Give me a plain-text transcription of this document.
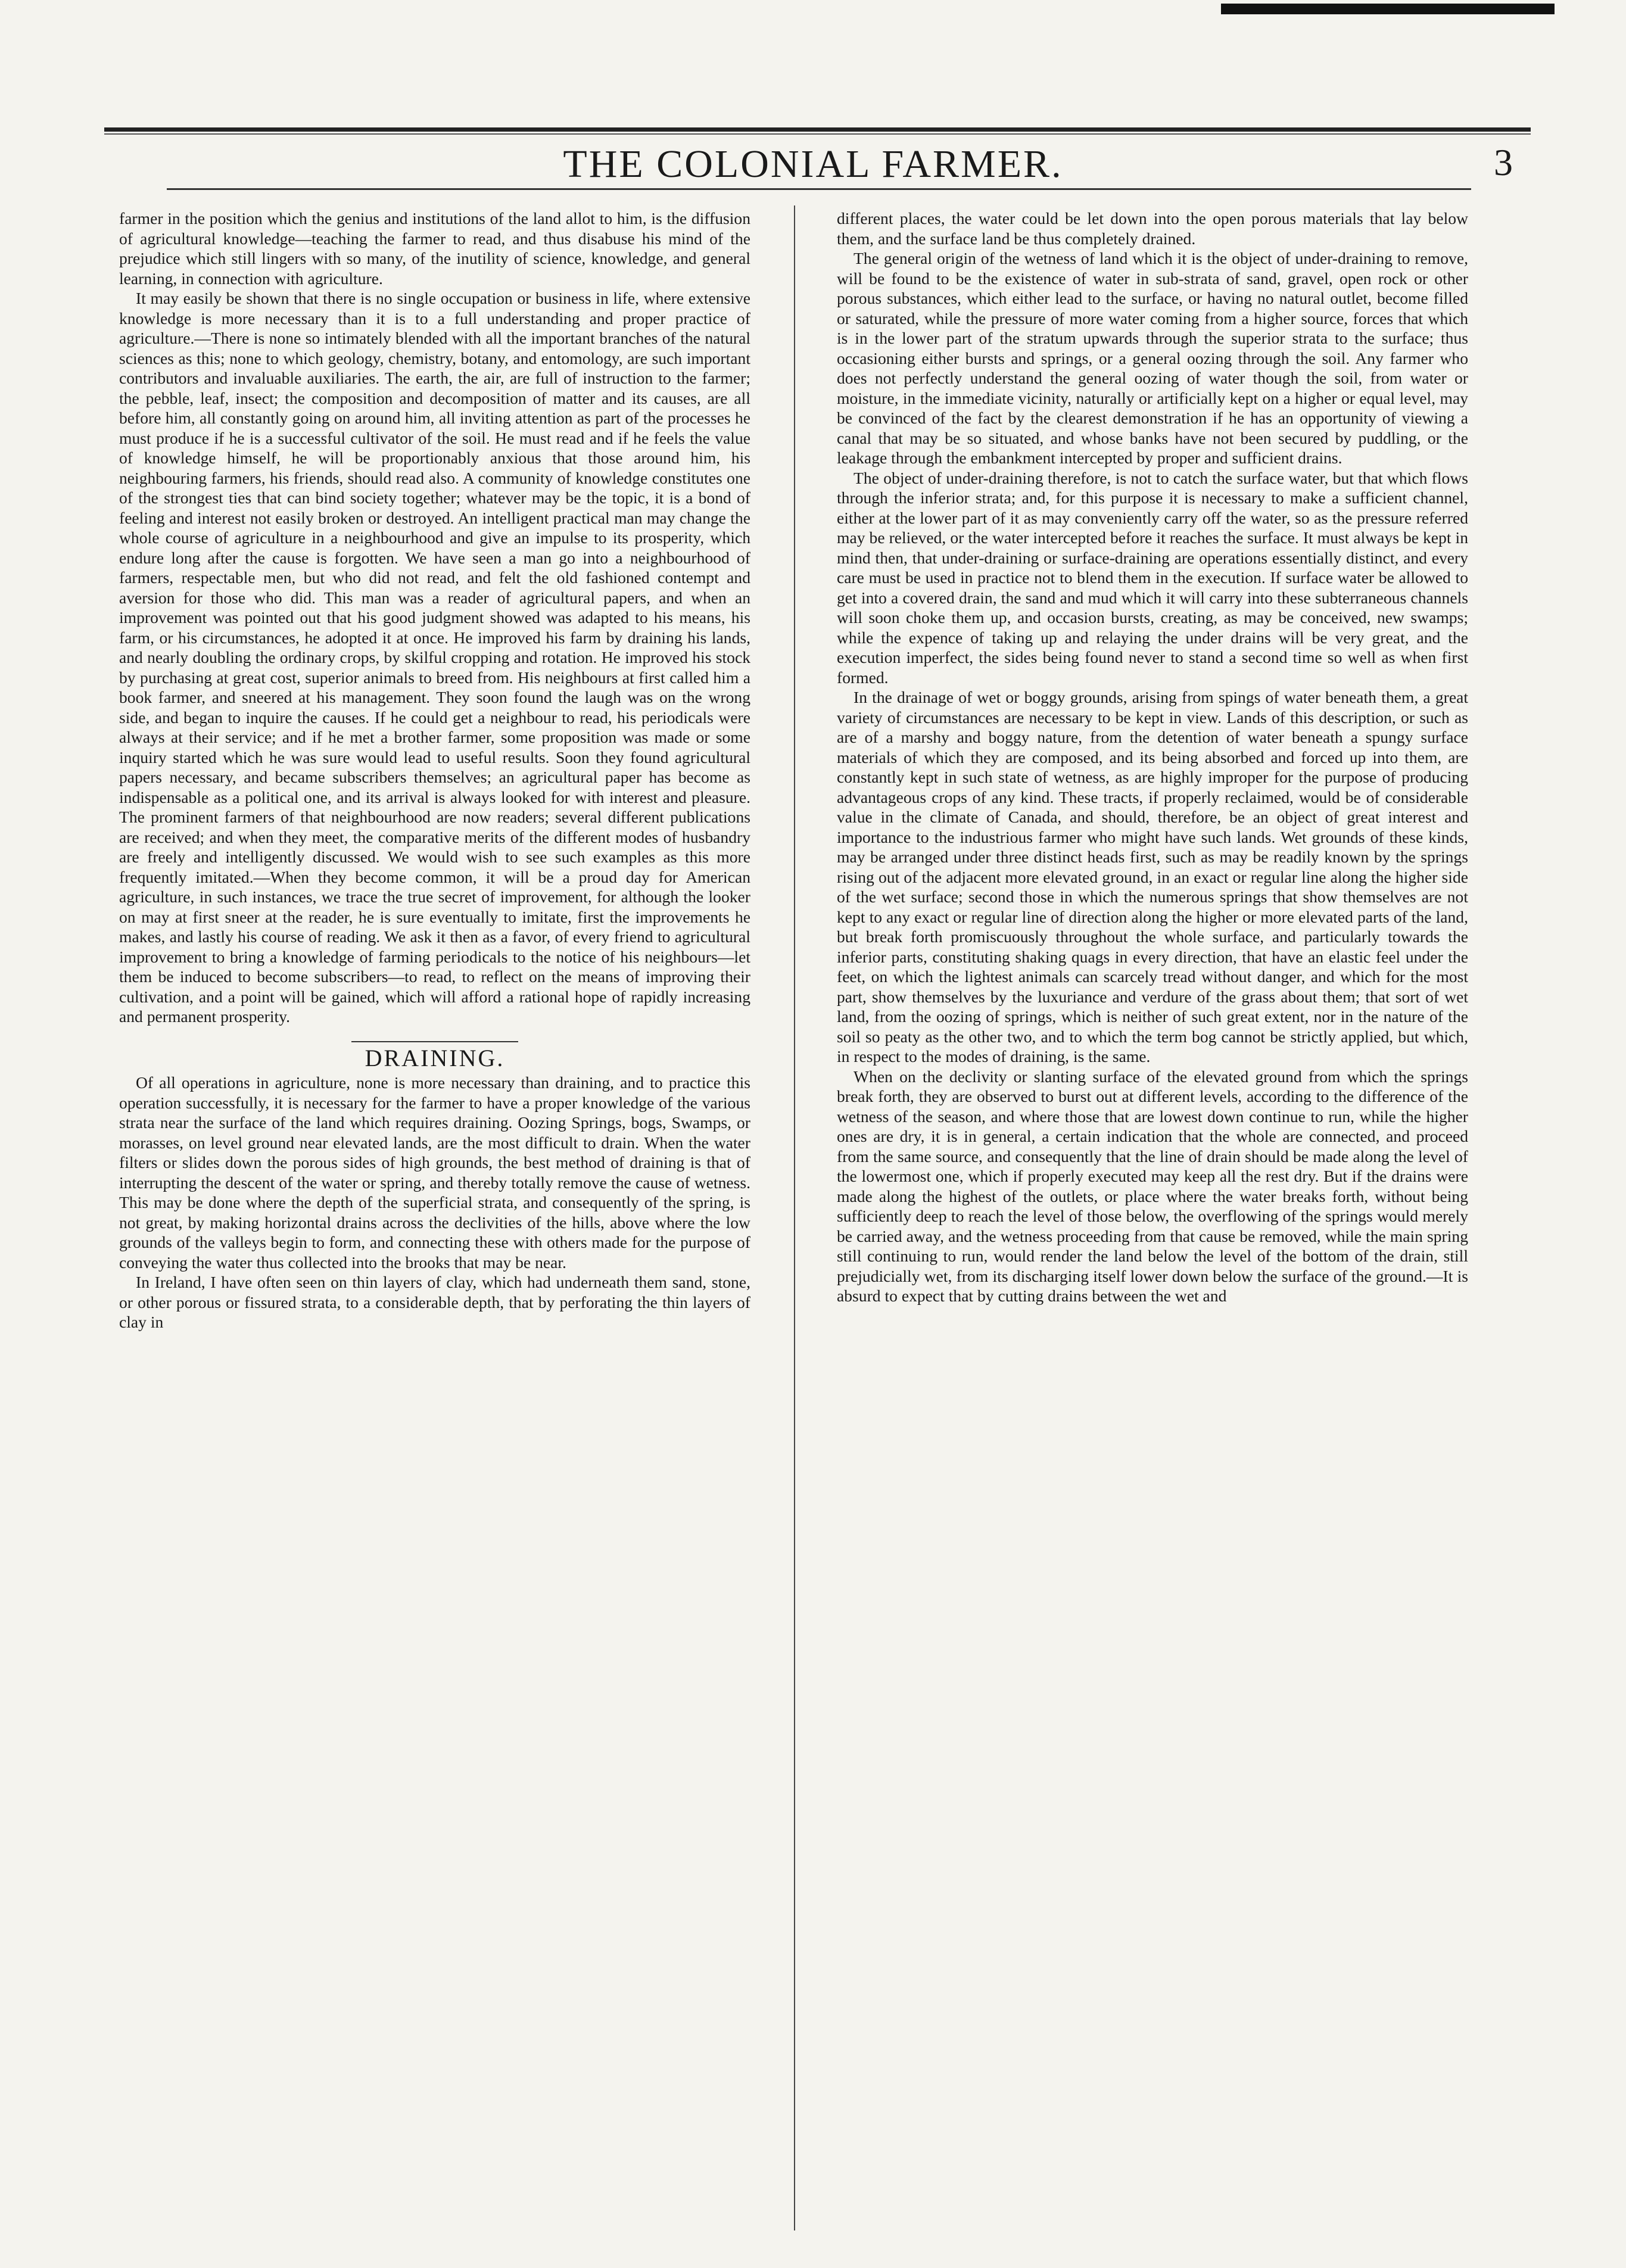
THE COLONIAL FARMER.	3

farmer in the position which the genius and institutions of the land allot to him, is the diffusion of agricultural knowledge—teaching the farmer to read, and thus disabuse his mind of the prejudice which still lingers with so many, of the inutility of science, knowledge, and general learning, in connection with agriculture.

It may easily be shown that there is no single occupation or business in life, where extensive knowledge is more necessary than it is to a full understanding and proper practice of agriculture.—There is none so intimately blended with all the important branches of the natural sciences as this; none to which geology, chemistry, botany, and entomology, are such important contributors and invaluable auxiliaries. The earth, the air, are full of instruction to the farmer; the pebble, leaf, insect; the composition and decomposition of matter and its causes, are all before him, all constantly going on around him, all inviting attention as part of the processes he must produce if he is a successful cultivator of the soil. He must read and if he feels the value of knowledge himself, he will be proportionably anxious that those around him, his neighbouring farmers, his friends, should read also. A community of knowledge constitutes one of the strongest ties that can bind society together; whatever may be the topic, it is a bond of feeling and interest not easily broken or destroyed. An intelligent practical man may change the whole course of agriculture in a neighbourhood and give an impulse to its prosperity, which endure long after the cause is forgotten. We have seen a man go into a neighbourhood of farmers, respectable men, but who did not read, and felt the old fashioned contempt and aversion for those who did. This man was a reader of agricultural papers, and when an improvement was pointed out that his good judgment showed was adapted to his means, his farm, or his circumstances, he adopted it at once. He improved his farm by draining his lands, and nearly doubling the ordinary crops, by skilful cropping and rotation. He improved his stock by purchasing at great cost, superior animals to breed from. His neighbours at first called him a book farmer, and sneered at his management. They soon found the laugh was on the wrong side, and began to inquire the causes. If he could get a neighbour to read, his periodicals were always at their service; and if he met a brother farmer, some proposition was made or some inquiry started which he was sure would lead to useful results. Soon they found agricultural papers necessary, and became subscribers themselves; an agricultural paper has become as indispensable as a political one, and its arrival is always looked for with interest and pleasure. The prominent farmers of that neighbourhood are now readers; several different publications are received; and when they meet, the comparative merits of the different modes of husbandry are freely and intelligently discussed. We would wish to see such examples as this more frequently imitated.—When they become common, it will be a proud day for American agriculture, in such instances, we trace the true secret of improvement, for although the looker on may at first sneer at the reader, he is sure eventually to imitate, first the improvements he makes, and lastly his course of reading. We ask it then as a favor, of every friend to agricultural improvement to bring a knowledge of farming periodicals to the notice of his neighbours—let them be induced to become subscribers—to read, to reflect on the means of improving their cultivation, and a point will be gained, which will afford a rational hope of rapidly increasing and permanent prosperity.

DRAINING.

Of all operations in agriculture, none is more necessary than draining, and to practice this operation successfully, it is necessary for the farmer to have a proper knowledge of the various strata near the surface of the land which requires draining. Oozing Springs, bogs, Swamps, or morasses, on level ground near elevated lands, are the most difficult to drain. When the water filters or slides down the porous sides of high grounds, the best method of draining is that of interrupting the descent of the water or spring, and thereby totally remove the cause of wetness. This may be done where the depth of the superficial strata, and consequently of the spring, is not great, by making horizontal drains across the declivities of the hills, above where the low grounds of the valleys begin to form, and connecting these with others made for the purpose of conveying the water thus collected into the brooks that may be near.

In Ireland, I have often seen on thin layers of clay, which had underneath them sand, stone, or other porous or fissured strata, to a considerable depth, that by perforating the thin layers of clay in

different places, the water could be let down into the open porous materials that lay below them, and the surface land be thus completely drained.

The general origin of the wetness of land which it is the object of under-draining to remove, will be found to be the existence of water in sub-strata of sand, gravel, open rock or other porous substances, which either lead to the surface, or having no natural outlet, become filled or saturated, while the pressure of more water coming from a higher source, forces that which is in the lower part of the stratum upwards through the superior strata to the surface; thus occasioning either bursts and springs, or a general oozing through the soil. Any farmer who does not perfectly understand the general oozing of water though the soil, from water or moisture, in the immediate vicinity, naturally or artificially kept on a higher or equal level, may be convinced of the fact by the clearest demonstration if he has an opportunity of viewing a canal that may be so situated, and whose banks have not been secured by puddling, or the leakage through the embankment intercepted by proper and sufficient drains.

The object of under-draining therefore, is not to catch the surface water, but that which flows through the inferior strata; and, for this purpose it is necessary to make a sufficient channel, either at the lower part of it as may conveniently carry off the water, so as the pressure referred may be relieved, or the water intercepted before it reaches the surface. It must always be kept in mind then, that under-draining or surface-draining are operations essentially distinct, and every care must be used in practice not to blend them in the execution. If surface water be allowed to get into a covered drain, the sand and mud which it will carry into these subterraneous channels will soon choke them up, and occasion bursts, creating, as may be conceived, new swamps; while the expence of taking up and relaying the under drains will be very great, and the execution imperfect, the sides being found never to stand a second time so well as when first formed.

In the drainage of wet or boggy grounds, arising from spings of water beneath them, a great variety of circumstances are necessary to be kept in view. Lands of this description, or such as are of a marshy and boggy nature, from the detention of water beneath a spungy surface materials of which they are composed, and its being absorbed and forced up into them, are constantly kept in such state of wetness, as are highly improper for the purpose of producing advantageous crops of any kind. These tracts, if properly reclaimed, would be of considerable value in the climate of Canada, and should, therefore, be an object of great interest and importance to the industrious farmer who might have such lands. Wet grounds of these kinds, may be arranged under three distinct heads first, such as may be readily known by the springs rising out of the adjacent more elevated ground, in an exact or regular line along the higher side of the wet surface; second those in which the numerous springs that show themselves are not kept to any exact or regular line of direction along the higher or more elevated parts of the land, but break forth promiscuously throughout the whole surface, and particularly towards the inferior parts, constituting shaking quags in every direction, that have an elastic feel under the feet, on which the lightest animals can scarcely tread without danger, and which for the most part, show themselves by the luxuriance and verdure of the grass about them; that sort of wet land, from the oozing of springs, which is neither of such great extent, nor in the nature of the soil so peaty as the other two, and to which the term bog cannot be strictly applied, but which, in respect to the modes of draining, is the same.

When on the declivity or slanting surface of the elevated ground from which the springs break forth, they are observed to burst out at different levels, according to the difference of the wetness of the season, and where those that are lowest down continue to run, while the higher ones are dry, it is in general, a certain indication that the whole are connected, and proceed from the same source, and consequently that the line of drain should be made along the level of the lowermost one, which if properly executed may keep all the rest dry. But if the drains were made along the highest of the outlets, or place where the water breaks forth, without being sufficiently deep to reach the level of those below, the overflowing of the springs would merely be carried away, and the wetness proceeding from that cause be removed, while the main spring still continuing to run, would render the land below the level of the bottom of the drain, still prejudicially wet, from its discharging itself lower down below the surface of the ground.—It is absurd to expect that by cutting drains between the wet and
